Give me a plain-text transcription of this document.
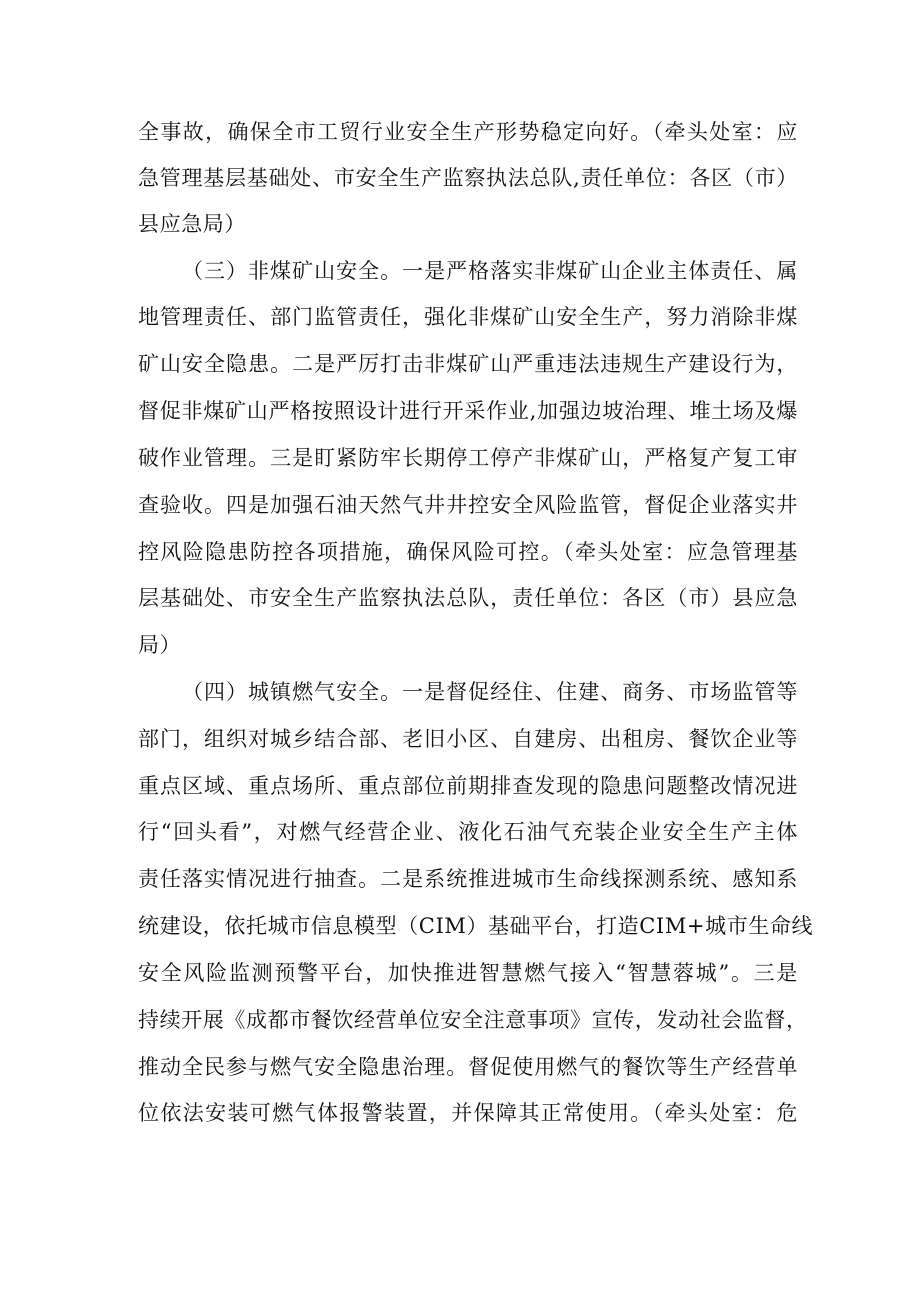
全事故，确保全市工贸行业安全生产形势稳定向好。（牵头处室：应
急管理基层基础处、市安全生产监察执法总队,责任单位：各区（市）
县应急局）
（三）非煤矿山安全。一是严格落实非煤矿山企业主体责任、属
地管理责任、部门监管责任，强化非煤矿山安全生产，努力消除非煤
矿山安全隐患。二是严厉打击非煤矿山严重违法违规生产建设行为，
督促非煤矿山严格按照设计进行开采作业,加强边坡治理、堆土场及爆
破作业管理。三是盯紧防牢长期停工停产非煤矿山，严格复产复工审
查验收。四是加强石油天然气井井控安全风险监管，督促企业落实井
控风险隐患防控各项措施，确保风险可控。（牵头处室：应急管理基
层基础处、市安全生产监察执法总队，责任单位：各区（市）县应急
局）
（四）城镇燃气安全。一是督促经住、住建、商务、市场监管等
部门，组织对城乡结合部、老旧小区、自建房、出租房、餐饮企业等
重点区域、重点场所、重点部位前期排查发现的隐患问题整改情况进
行“回头看”，对燃气经营企业、液化石油气充装企业安全生产主体
责任落实情况进行抽查。二是系统推进城市生命线探测系统、感知系
统建设，依托城市信息模型（CIM）基础平台，打造CIM+城市生命线
安全风险监测预警平台，加快推进智慧燃气接入“智慧蓉城”。三是
持续开展《成都市餐饮经营单位安全注意事项》宣传，发动社会监督，
推动全民参与燃气安全隐患治理。督促使用燃气的餐饮等生产经营单
位依法安装可燃气体报警装置，并保障其正常使用。（牵头处室：危
